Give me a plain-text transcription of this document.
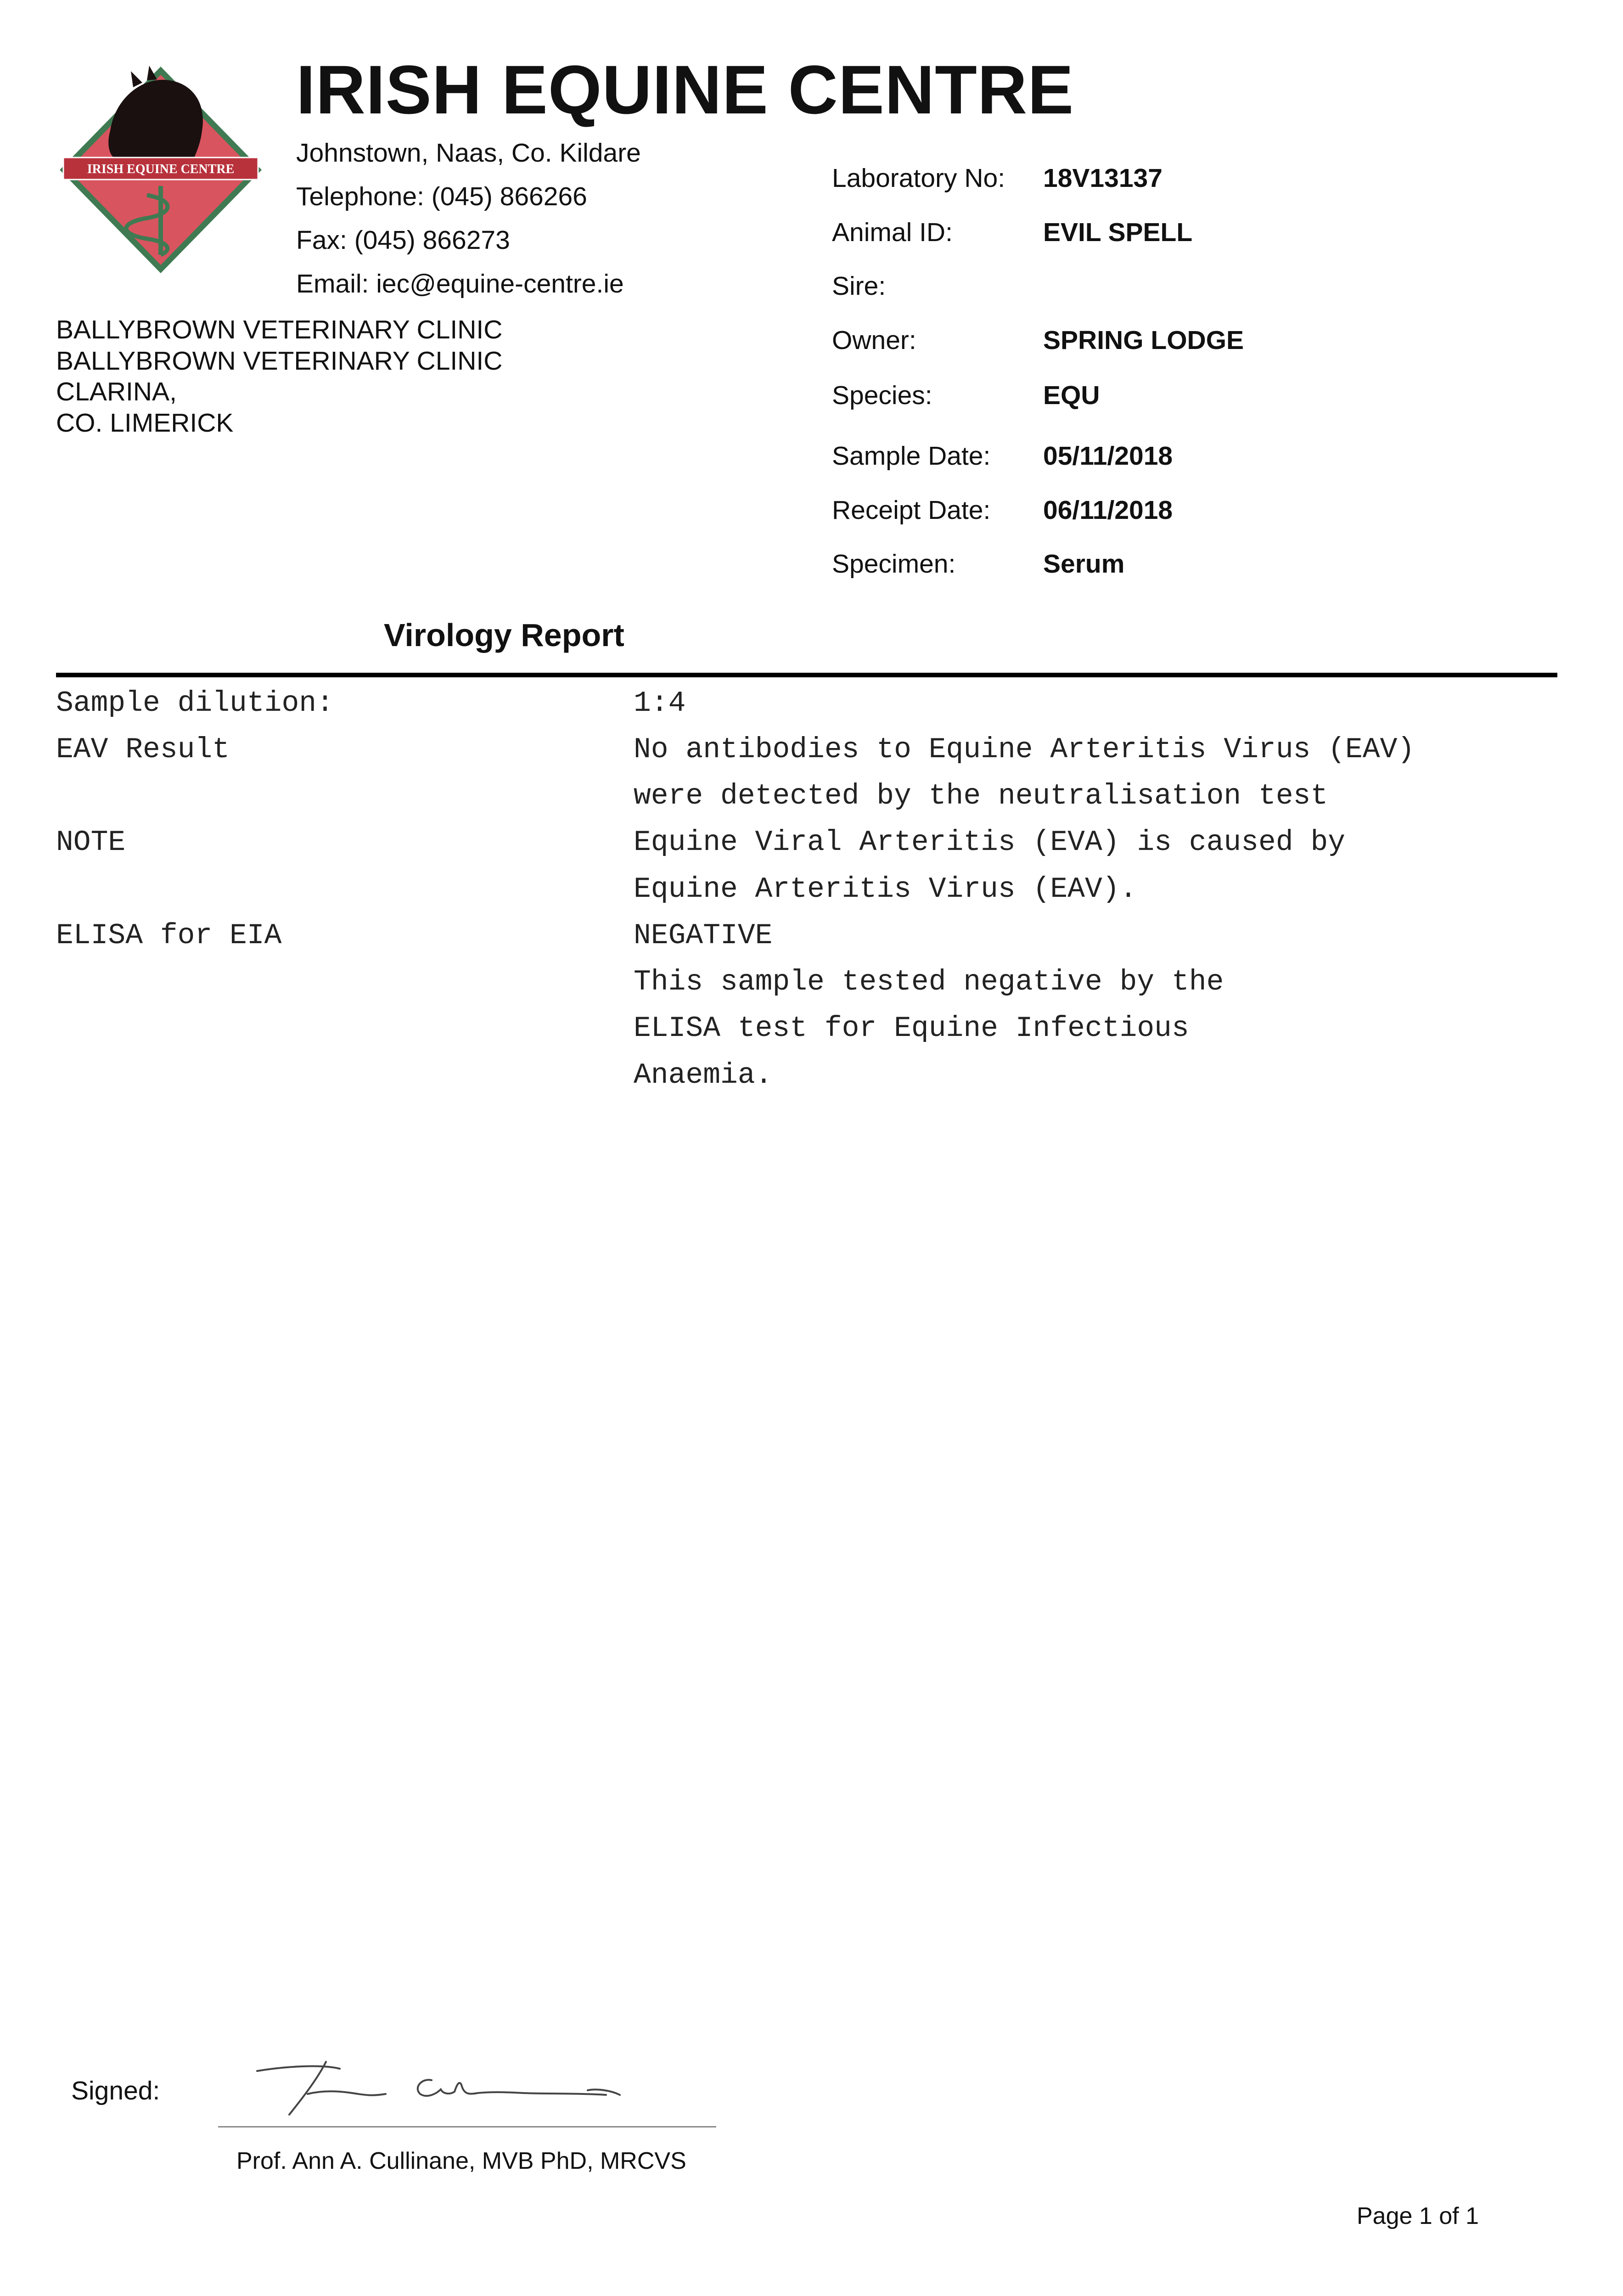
IRISH EQUINE CENTRE
IRISH EQUINE CENTRE
Johnstown, Naas, Co. Kildare
Telephone: (045) 866266
Fax: (045) 866273
Email: iec@equine-centre.ie
BALLYBROWN VETERINARY CLINIC
BALLYBROWN VETERINARY CLINIC
CLARINA,
CO. LIMERICK
Laboratory No: 18V13137
Animal ID:	EVIL SPELL
Sire:
Owner:	SPRING LODGE
Species:	EQU
Sample Date: 05/11/2018
Receipt Date: 06/11/2018
Specimen:	Serum
Virology Report
Sample dilution:	1:4
EAV Result	No antibodies to Equine Arteritis Virus (EAV)
were detected by the neutralisation test
NOTE	Equine Viral Arteritis (EVA) is caused by
Equine Arteritis Virus (EAV).
ELISA for EIA	NEGATIVE
This sample tested negative by the
ELISA test for Equine Infectious
Anaemia.
Signed:
Prof. Ann A. Cullinane, MVB PhD, MRCVS
Page 1 of 1
